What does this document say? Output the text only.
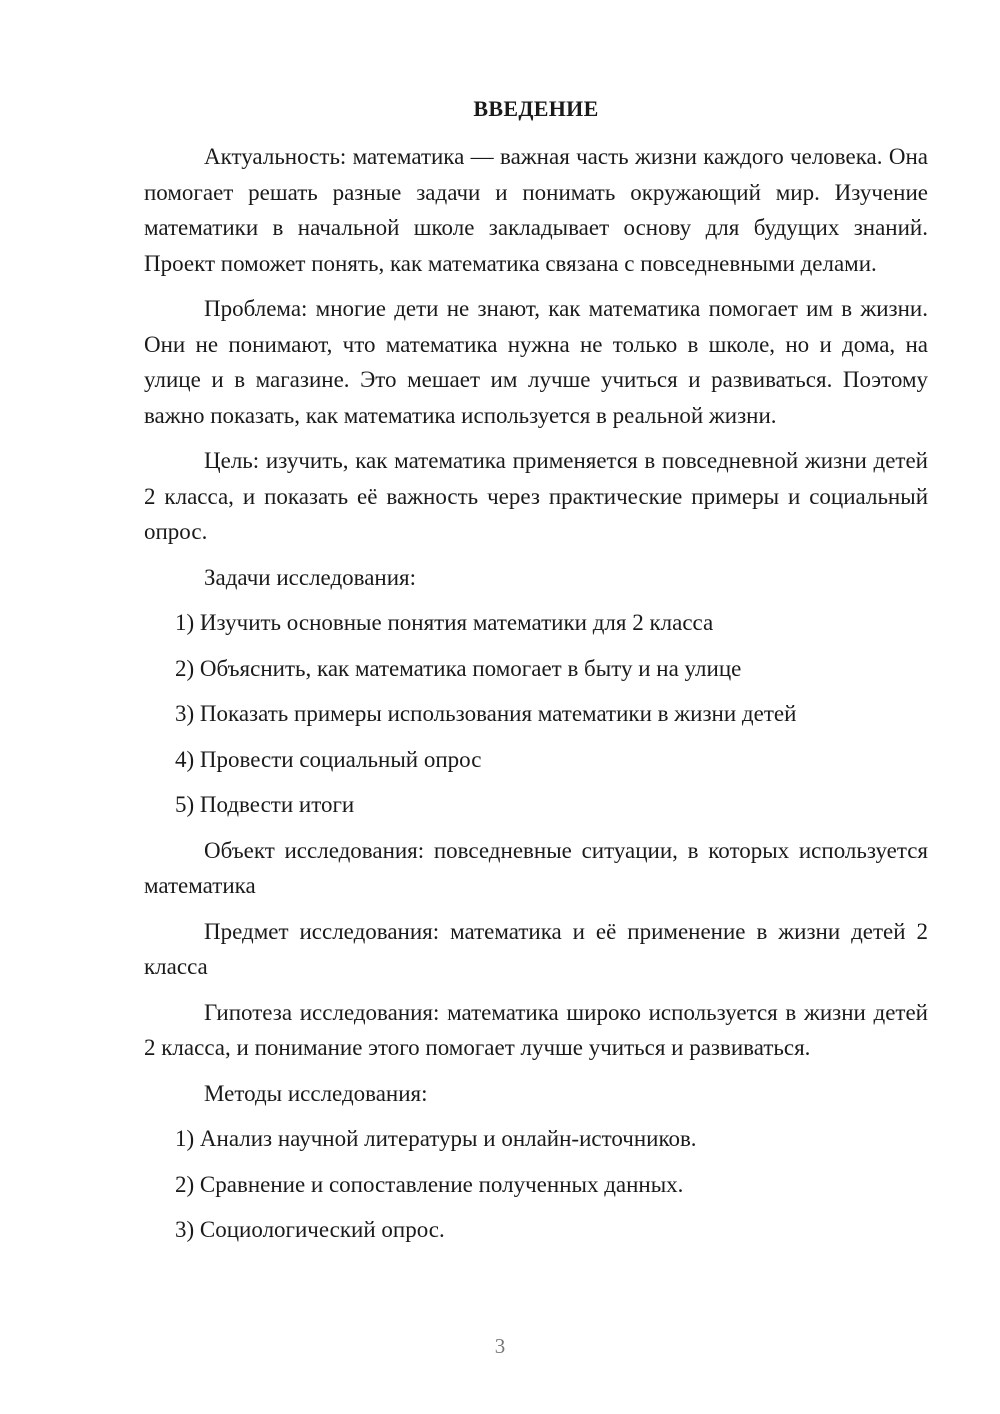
ВВЕДЕНИЕ

Актуальность: математика — важная часть жизни каждого человека. Она помогает решать разные задачи и понимать окружающий мир. Изучение математики в начальной школе закладывает основу для будущих знаний. Проект поможет понять, как математика связана с повседневными делами.

Проблема: многие дети не знают, как математика помогает им в жизни. Они не понимают, что математика нужна не только в школе, но и дома, на улице и в магазине. Это мешает им лучше учиться и развиваться. Поэтому важно показать, как математика используется в реальной жизни.

Цель: изучить, как математика применяется в повседневной жизни детей 2 класса, и показать её важность через практические примеры и социальный опрос.

Задачи исследования:
1) Изучить основные понятия математики для 2 класса
2) Объяснить, как математика помогает в быту и на улице
3) Показать примеры использования математики в жизни детей
4) Провести социальный опрос
5) Подвести итоги

Объект исследования: повседневные ситуации, в которых используется математика

Предмет исследования: математика и её применение в жизни детей 2 класса

Гипотеза исследования: математика широко используется в жизни детей 2 класса, и понимание этого помогает лучше учиться и развиваться.

Методы исследования:
1) Анализ научной литературы и онлайн-источников.
2) Сравнение и сопоставление полученных данных.
3) Социологический опрос.
3
